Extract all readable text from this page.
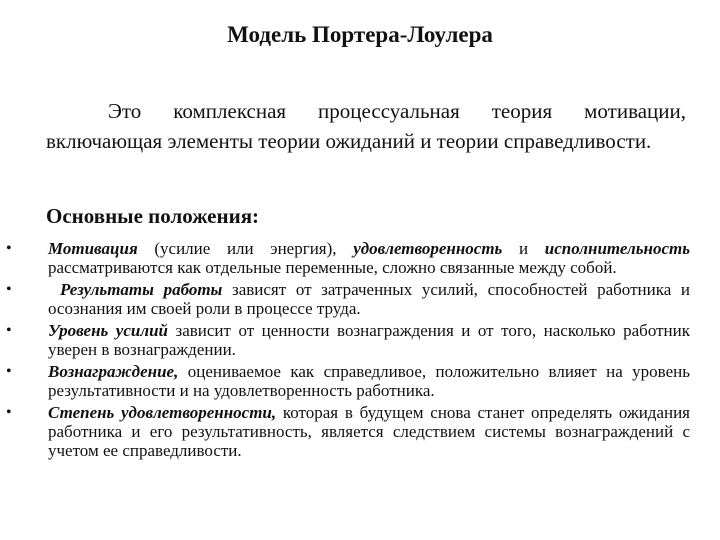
Модель Портера-Лоулера

Это комплексная процессуальная теория мотивации, включающая элементы теории ожиданий и теории справедливости.

Основные положения:
• Мотивация (усилие или энергия), удовлетворенность и исполнительность рассматриваются как отдельные переменные, сложно связанные между собой.
•	Результаты работы зависят от затраченных усилий, способностей работника и осознания им своей роли в процессе труда.
• Уровень усилий зависит от ценности вознаграждения и от того, насколько работник уверен в вознаграждении.
• Вознаграждение, оцениваемое как справедливое, положительно влияет на уровень результативности и на удовлетворенность работника.
• Степень удовлетворенности, которая в будущем снова станет определять ожидания работника и его результативность, является следствием системы вознаграждений с учетом ее справедливости.
